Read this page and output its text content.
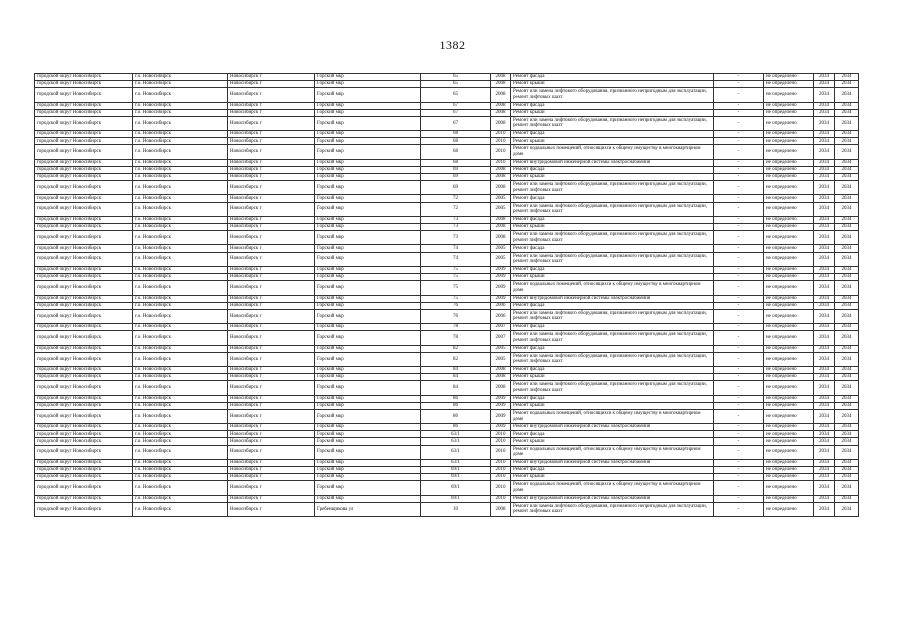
1382
городской округ Новосибирск	г.о. Новосибирск	Новосибирск г	Горский мкр	65	2008	Ремонт фасада	-	не определено	2034	2034
городской округ Новосибирск	г.о. Новосибирск	Новосибирск г	Горский мкр	65	2008	Ремонт крыши	-	не определено	2034	2034
городской округ Новосибирск	г.о. Новосибирск	Новосибирск г	Горский мкр	65	2008	Ремонт или замена лифтового оборудования, признанного непригодным для эксплуатации, ремонт лифтовых шахт	-	не определено	2034	2034
городской округ Новосибирск	г.о. Новосибирск	Новосибирск г	Горский мкр	67	2008	Ремонт фасада	-	не определено	2034	2034
городской округ Новосибирск	г.о. Новосибирск	Новосибирск г	Горский мкр	67	2008	Ремонт крыши	-	не определено	2034	2034
городской округ Новосибирск	г.о. Новосибирск	Новосибирск г	Горский мкр	67	2008	Ремонт или замена лифтового оборудования, признанного непригодным для эксплуатации, ремонт лифтовых шахт	-	не определено	2034	2034
городской округ Новосибирск	г.о. Новосибирск	Новосибирск г	Горский мкр	68	2010	Ремонт фасада	-	не определено	2034	2034
городской округ Новосибирск	г.о. Новосибирск	Новосибирск г	Горский мкр	68	2010	Ремонт крыши	-	не определено	2034	2034
городской округ Новосибирск	г.о. Новосибирск	Новосибирск г	Горский мкр	68	2010	Ремонт подвальных помещений, относящихся к общему имуществу в многоквартирном доме	-	не определено	2034	2034
городской округ Новосибирск	г.о. Новосибирск	Новосибирск г	Горский мкр	68	2010	Ремонт внутридомовой инженерной системы электроснабжения	-	не определено	2034	2034
городской округ Новосибирск	г.о. Новосибирск	Новосибирск г	Горский мкр	69	2008	Ремонт фасада	-	не определено	2034	2034
городской округ Новосибирск	г.о. Новосибирск	Новосибирск г	Горский мкр	69	2008	Ремонт крыши	-	не определено	2034	2034
городской округ Новосибирск	г.о. Новосибирск	Новосибирск г	Горский мкр	69	2008	Ремонт или замена лифтового оборудования, признанного непригодным для эксплуатации, ремонт лифтовых шахт	-	не определено	2034	2034
городской округ Новосибирск	г.о. Новосибирск	Новосибирск г	Горский мкр	72	2005	Ремонт фасада	-	не определено	2034	2034
городской округ Новосибирск	г.о. Новосибирск	Новосибирск г	Горский мкр	72	2005	Ремонт или замена лифтового оборудования, признанного непригодным для эксплуатации, ремонт лифтовых шахт	-	не определено	2034	2034
городской округ Новосибирск	г.о. Новосибирск	Новосибирск г	Горский мкр	73	2008	Ремонт фасада	-	не определено	2034	2034
городской округ Новосибирск	г.о. Новосибирск	Новосибирск г	Горский мкр	73	2008	Ремонт крыши	-	не определено	2034	2034
городской округ Новосибирск	г.о. Новосибирск	Новосибирск г	Горский мкр	73	2008	Ремонт или замена лифтового оборудования, признанного непригодным для эксплуатации, ремонт лифтовых шахт	-	не определено	2034	2034
городской округ Новосибирск	г.о. Новосибирск	Новосибирск г	Горский мкр	74	2005	Ремонт фасада	-	не определено	2034	2034
городской округ Новосибирск	г.о. Новосибирск	Новосибирск г	Горский мкр	74	2005	Ремонт или замена лифтового оборудования, признанного непригодным для эксплуатации, ремонт лифтовых шахт	-	не определено	2034	2034
городской округ Новосибирск	г.о. Новосибирск	Новосибирск г	Горский мкр	75	2009	Ремонт фасада	-	не определено	2034	2034
городской округ Новосибирск	г.о. Новосибирск	Новосибирск г	Горский мкр	75	2009	Ремонт крыши	-	не определено	2034	2034
городской округ Новосибирск	г.о. Новосибирск	Новосибирск г	Горский мкр	75	2009	Ремонт подвальных помещений, относящихся к общему имуществу в многоквартирном доме	-	не определено	2034	2034
городской округ Новосибирск	г.о. Новосибирск	Новосибирск г	Горский мкр	75	2009	Ремонт внутридомовой инженерной системы электроснабжения	-	не определено	2034	2034
городской округ Новосибирск	г.о. Новосибирск	Новосибирск г	Горский мкр	76	2006	Ремонт фасада	-	не определено	2034	2034
городской округ Новосибирск	г.о. Новосибирск	Новосибирск г	Горский мкр	76	2006	Ремонт или замена лифтового оборудования, признанного непригодным для эксплуатации, ремонт лифтовых шахт	-	не определено	2034	2034
городской округ Новосибирск	г.о. Новосибирск	Новосибирск г	Горский мкр	78	2007	Ремонт фасада	-	не определено	2034	2034
городской округ Новосибирск	г.о. Новосибирск	Новосибирск г	Горский мкр	78	2007	Ремонт или замена лифтового оборудования, признанного непригодным для эксплуатации, ремонт лифтовых шахт	-	не определено	2034	2034
городской округ Новосибирск	г.о. Новосибирск	Новосибирск г	Горский мкр	82	2005	Ремонт фасада	-	не определено	2034	2034
городской округ Новосибирск	г.о. Новосибирск	Новосибирск г	Горский мкр	82	2005	Ремонт или замена лифтового оборудования, признанного непригодным для эксплуатации, ремонт лифтовых шахт	-	не определено	2034	2034
городской округ Новосибирск	г.о. Новосибирск	Новосибирск г	Горский мкр	84	2008	Ремонт фасада	-	не определено	2034	2034
городской округ Новосибирск	г.о. Новосибирск	Новосибирск г	Горский мкр	84	2008	Ремонт крыши	-	не определено	2034	2034
городской округ Новосибирск	г.о. Новосибирск	Новосибирск г	Горский мкр	84	2008	Ремонт или замена лифтового оборудования, признанного непригодным для эксплуатации, ремонт лифтовых шахт	-	не определено	2034	2034
городской округ Новосибирск	г.о. Новосибирск	Новосибирск г	Горский мкр	86	2009	Ремонт фасада	-	не определено	2034	2034
городской округ Новосибирск	г.о. Новосибирск	Новосибирск г	Горский мкр	86	2009	Ремонт крыши	-	не определено	2034	2034
городской округ Новосибирск	г.о. Новосибирск	Новосибирск г	Горский мкр	86	2009	Ремонт подвальных помещений, относящихся к общему имуществу в многоквартирном доме	-	не определено	2034	2034
городской округ Новосибирск	г.о. Новосибирск	Новосибирск г	Горский мкр	86	2009	Ремонт внутридомовой инженерной системы электроснабжения	-	не определено	2034	2034
городской округ Новосибирск	г.о. Новосибирск	Новосибирск г	Горский мкр	63/1	2010	Ремонт фасада	-	не определено	2034	2034
городской округ Новосибирск	г.о. Новосибирск	Новосибирск г	Горский мкр	63/1	2010	Ремонт крыши	-	не определено	2034	2034
городской округ Новосибирск	г.о. Новосибирск	Новосибирск г	Горский мкр	63/1	2010	Ремонт подвальных помещений, относящихся к общему имуществу в многоквартирном доме	-	не определено	2034	2034
городской округ Новосибирск	г.о. Новосибирск	Новосибирск г	Горский мкр	63/1	2010	Ремонт внутридомовой инженерной системы электроснабжения	-	не определено	2034	2034
городской округ Новосибирск	г.о. Новосибирск	Новосибирск г	Горский мкр	69/1	2010	Ремонт фасада	-	не определено	2034	2034
городской округ Новосибирск	г.о. Новосибирск	Новосибирск г	Горский мкр	69/1	2010	Ремонт крыши	-	не определено	2034	2034
городской округ Новосибирск	г.о. Новосибирск	Новосибирск г	Горский мкр	69/1	2010	Ремонт подвальных помещений, относящихся к общему имуществу в многоквартирном доме	-	не определено	2034	2034
городской округ Новосибирск	г.о. Новосибирск	Новосибирск г	Горский мкр	69/1	2010	Ремонт внутридомовой инженерной системы электроснабжения	-	не определено	2034	2034
городской округ Новосибирск	г.о. Новосибирск	Новосибирск г	Гребенщикова ул	10	2008	Ремонт или замена лифтового оборудования, признанного непригодным для эксплуатации, ремонт лифтовых шахт	-	не определено	2034	2034
